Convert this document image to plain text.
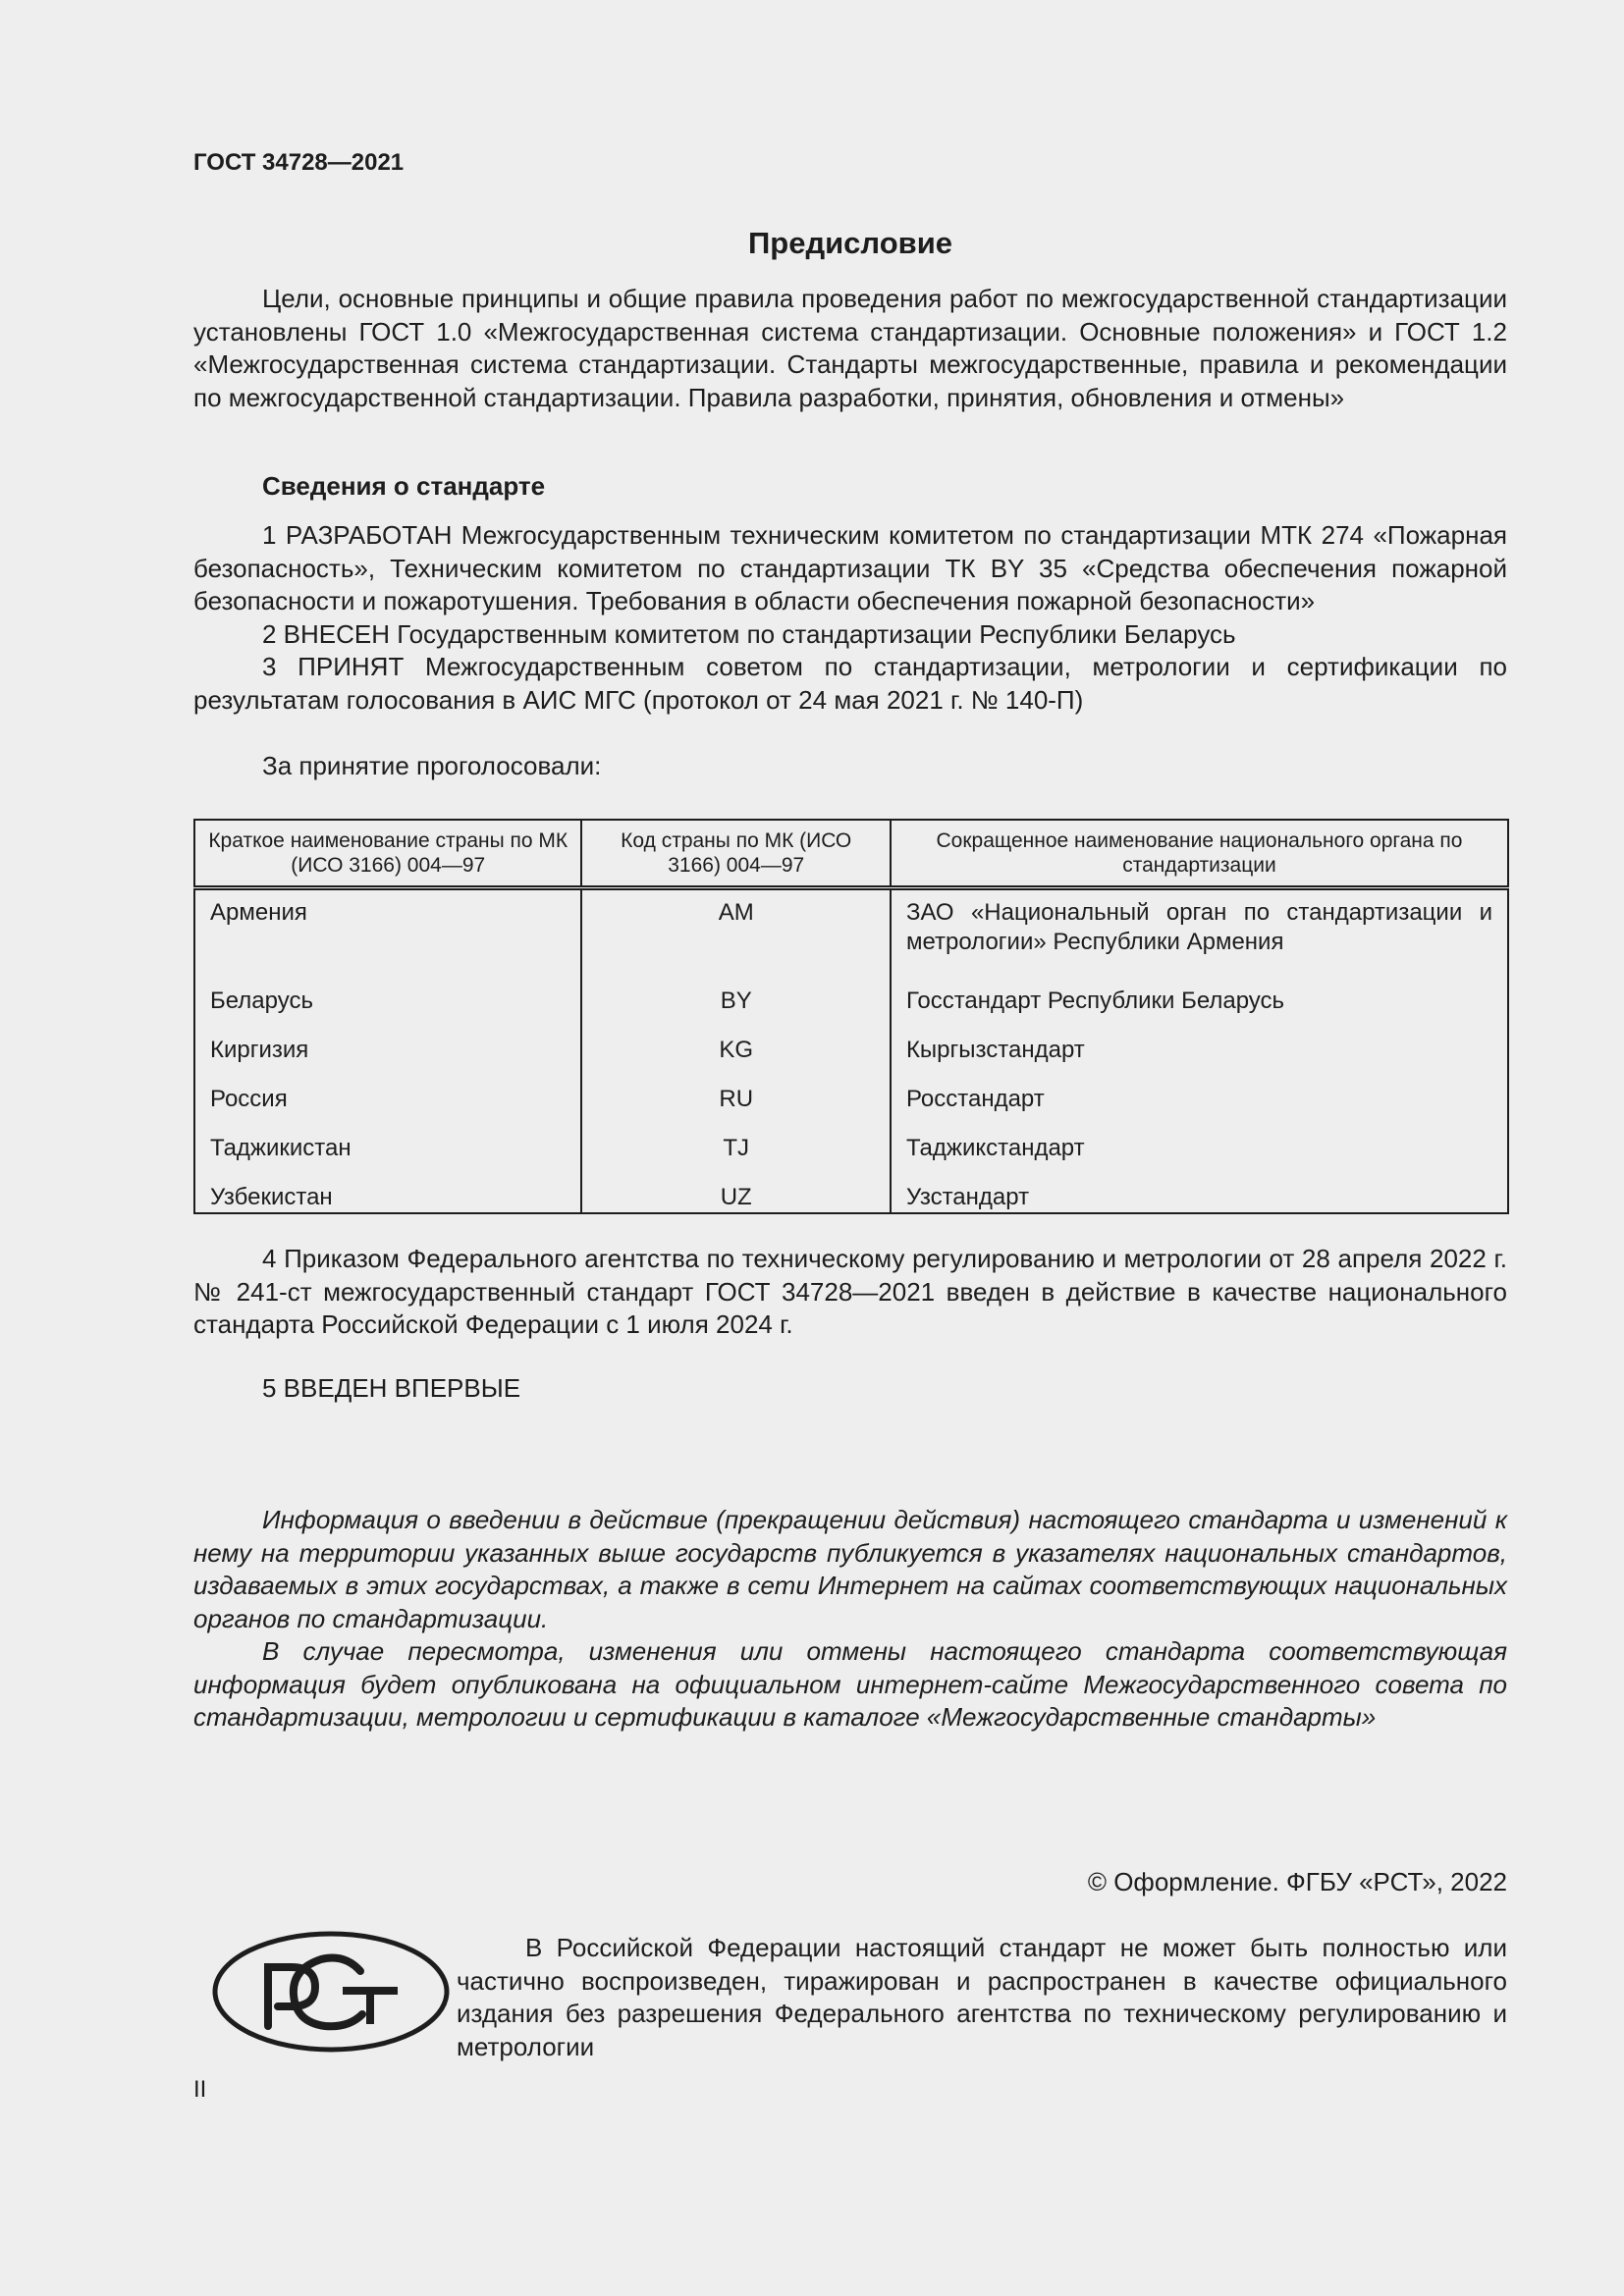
ГОСТ 34728—2021
Предисловие

Цели, основные принципы и общие правила проведения работ по межгосударственной стандартизации установлены ГОСТ 1.0 «Межгосударственная система стандартизации. Основные положения» и ГОСТ 1.2 «Межгосударственная система стандартизации. Стандарты межгосударственные, правила и рекомендации по межгосударственной стандартизации. Правила разработки, принятия, обновления и отмены»

Сведения о стандарте

1 РАЗРАБОТАН Межгосударственным техническим комитетом по стандартизации МТК 274 «Пожарная безопасность», Техническим комитетом по стандартизации ТК BY 35 «Средства обеспечения пожарной безопасности и пожаротушения. Требования в области обеспечения пожарной безопасности»

2 ВНЕСЕН Государственным комитетом по стандартизации Республики Беларусь

3 ПРИНЯТ Межгосударственным советом по стандартизации, метрологии и сертификации по результатам голосования в АИС МГС (протокол от 24 мая 2021 г. № 140-П)

За принятие проголосовали:

Краткое наименование страны по МК (ИСО 3166) 004—97	Код страны по МК (ИСО 3166) 004—97	Сокращенное наименование национального органа по стандартизации
Армения	AM	ЗАО «Национальный орган по стандартизации и метрологии» Республики Армения
Беларусь	BY	Госстандарт Республики Беларусь
Киргизия	KG	Кыргызстандарт
Россия	RU	Росстандарт
Таджикистан	TJ	Таджикстандарт
Узбекистан	UZ	Узстандарт

4 Приказом Федерального агентства по техническому регулированию и метрологии от 28 апреля 2022 г. № 241-ст межгосударственный стандарт ГОСТ 34728—2021 введен в действие в качестве национального стандарта Российской Федерации с 1 июля 2024 г.

5 ВВЕДЕН ВПЕРВЫЕ

Информация о введении в действие (прекращении действия) настоящего стандарта и изменений к нему на территории указанных выше государств публикуется в указателях национальных стандартов, издаваемых в этих государствах, а также в сети Интернет на сайтах соответствующих национальных органов по стандартизации.

В случае пересмотра, изменения или отмены настоящего стандарта соответствующая информация будет опубликована на официальном интернет-сайте Межгосударственного совета по стандартизации, метрологии и сертификации в каталоге «Межгосударственные стандарты»

© Оформление. ФГБУ «РСТ», 2022

В Российской Федерации настоящий стандарт не может быть полностью или частично воспроизведен, тиражирован и распространен в качестве официального издания без разрешения Федерального агентства по техническому регулированию и метрологии

II
